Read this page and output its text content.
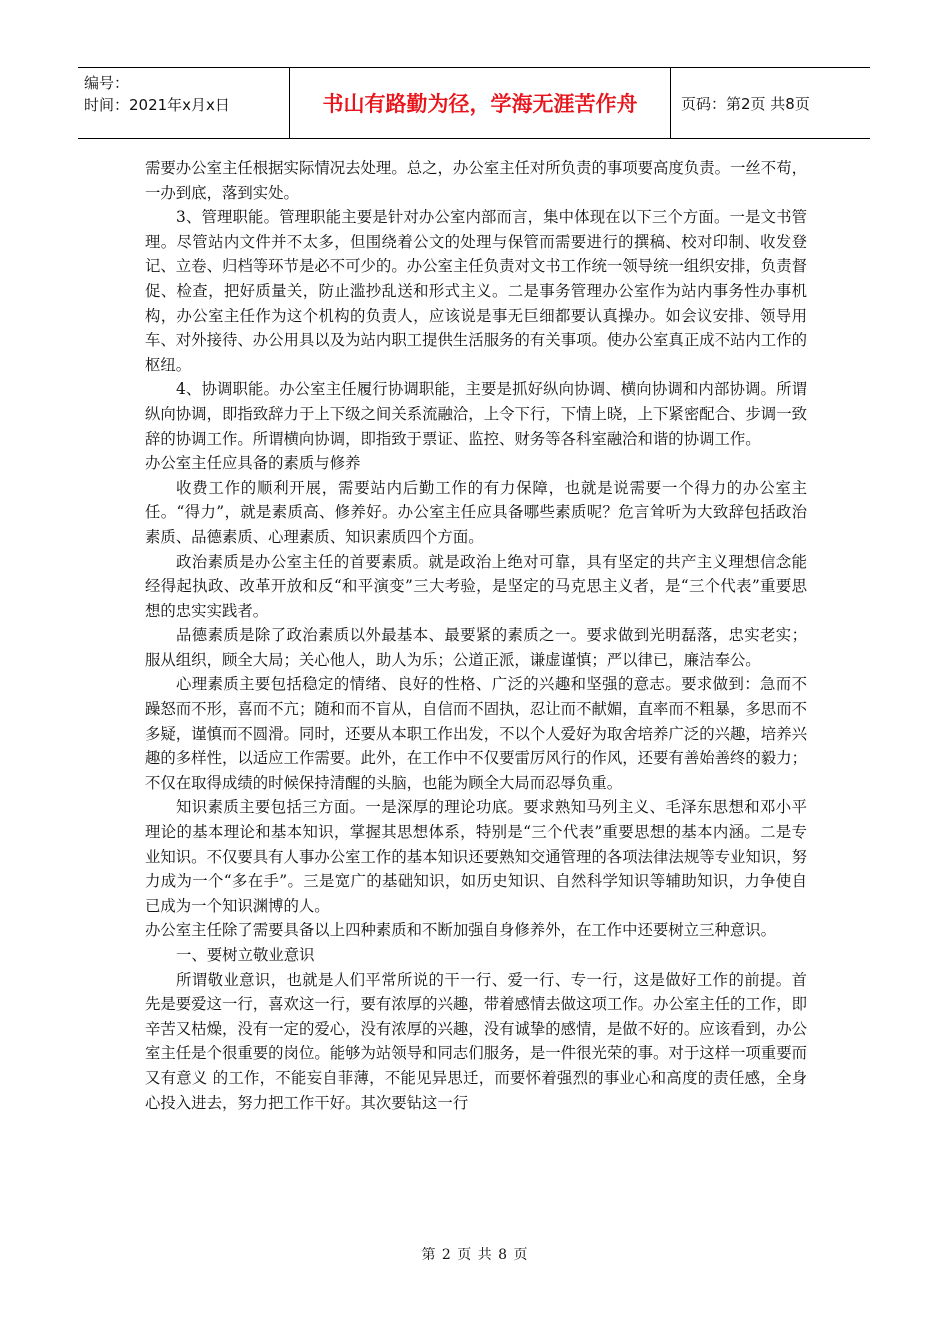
编号：
时间：2021年x月x日	书山有路勤为径，学海无涯苦作舟	页码：第2页 共8页

需要办公室主任根据实际情况去处理。总之，办公室主任对所负责的事项要高度负责。一丝不苟，一办到底，落到实处。

3、管理职能。管理职能主要是针对办公室内部而言，集中体现在以下三个方面。一是文书管理。尽管站内文件并不太多，但围绕着公文的处理与保管而需要进行的撰稿、校对印制、收发登记、立卷、归档等环节是必不可少的。办公室主任负责对文书工作统一领导统一组织安排，负责督促、检查，把好质量关，防止滥抄乱送和形式主义。二是事务管理办公室作为站内事务性办事机构，办公室主任作为这个机构的负责人，应该说是事无巨细都要认真操办。如会议安排、领导用车、对外接待、办公用具以及为站内职工提供生活服务的有关事项。使办公室真正成不站内工作的枢纽。

4、协调职能。办公室主任履行协调职能，主要是抓好纵向协调、横向协调和内部协调。所谓纵向协调，即指致辞力于上下级之间关系流融洽，上令下行，下情上晓，上下紧密配合、步调一致辞的协调工作。所谓横向协调，即指致于票证、监控、财务等各科室融洽和谐的协调工作。

办公室主任应具备的素质与修养

收费工作的顺利开展，需要站内后勤工作的有力保障，也就是说需要一个得力的办公室主任。“得力”，就是素质高、修养好。办公室主任应具备哪些素质呢？危言耸听为大致辞包括政治素质、品德素质、心理素质、知识素质四个方面。

政治素质是办公室主任的首要素质。就是政治上绝对可靠，具有坚定的共产主义理想信念能经得起执政、改革开放和反“和平演变”三大考验，是坚定的马克思主义者，是“三个代表”重要思想的忠实实践者。

品德素质是除了政治素质以外最基本、最要紧的素质之一。要求做到光明磊落，忠实老实；服从组织，顾全大局；关心他人，助人为乐；公道正派，谦虚谨慎；严以律已，廉洁奉公。

心理素质主要包括稳定的情绪、良好的性格、广泛的兴趣和坚强的意志。要求做到：急而不躁怒而不形，喜而不亢；随和而不盲从，自信而不固执，忍让而不献媚，直率而不粗暴，多思而不多疑，谨慎而不圆滑。同时，还要从本职工作出发，不以个人爱好为取舍培养广泛的兴趣，培养兴趣的多样性，以适应工作需要。此外，在工作中不仅要雷厉风行的作风，还要有善始善终的毅力；不仅在取得成绩的时候保持清醒的头脑，也能为顾全大局而忍辱负重。

知识素质主要包括三方面。一是深厚的理论功底。要求熟知马列主义、毛泽东思想和邓小平理论的基本理论和基本知识，掌握其思想体系，特别是“三个代表”重要思想的基本内涵。二是专业知识。不仅要具有人事办公室工作的基本知识还要熟知交通管理的各项法律法规等专业知识，努力成为一个“多在手”。三是宽广的基础知识，如历史知识、自然科学知识等辅助知识，力争使自已成为一个知识渊博的人。

办公室主任除了需要具备以上四种素质和不断加强自身修养外，在工作中还要树立三种意识。

一、要树立敬业意识

所谓敬业意识，也就是人们平常所说的干一行、爱一行、专一行，这是做好工作的前提。首先是要爱这一行，喜欢这一行，要有浓厚的兴趣，带着感情去做这项工作。办公室主任的工作，即辛苦又枯燥，没有一定的爱心，没有浓厚的兴趣，没有诚挚的感情，是做不好的。应该看到，办公室主任是个很重要的岗位。能够为站领导和同志们服务，是一件很光荣的事。对于这样一项重要而又有意义 的工作，不能妄自菲薄，不能见异思迁，而要怀着强烈的事业心和高度的责任感，全身心投入进去，努力把工作干好。其次要钻这一行

第 2 页 共 8 页
